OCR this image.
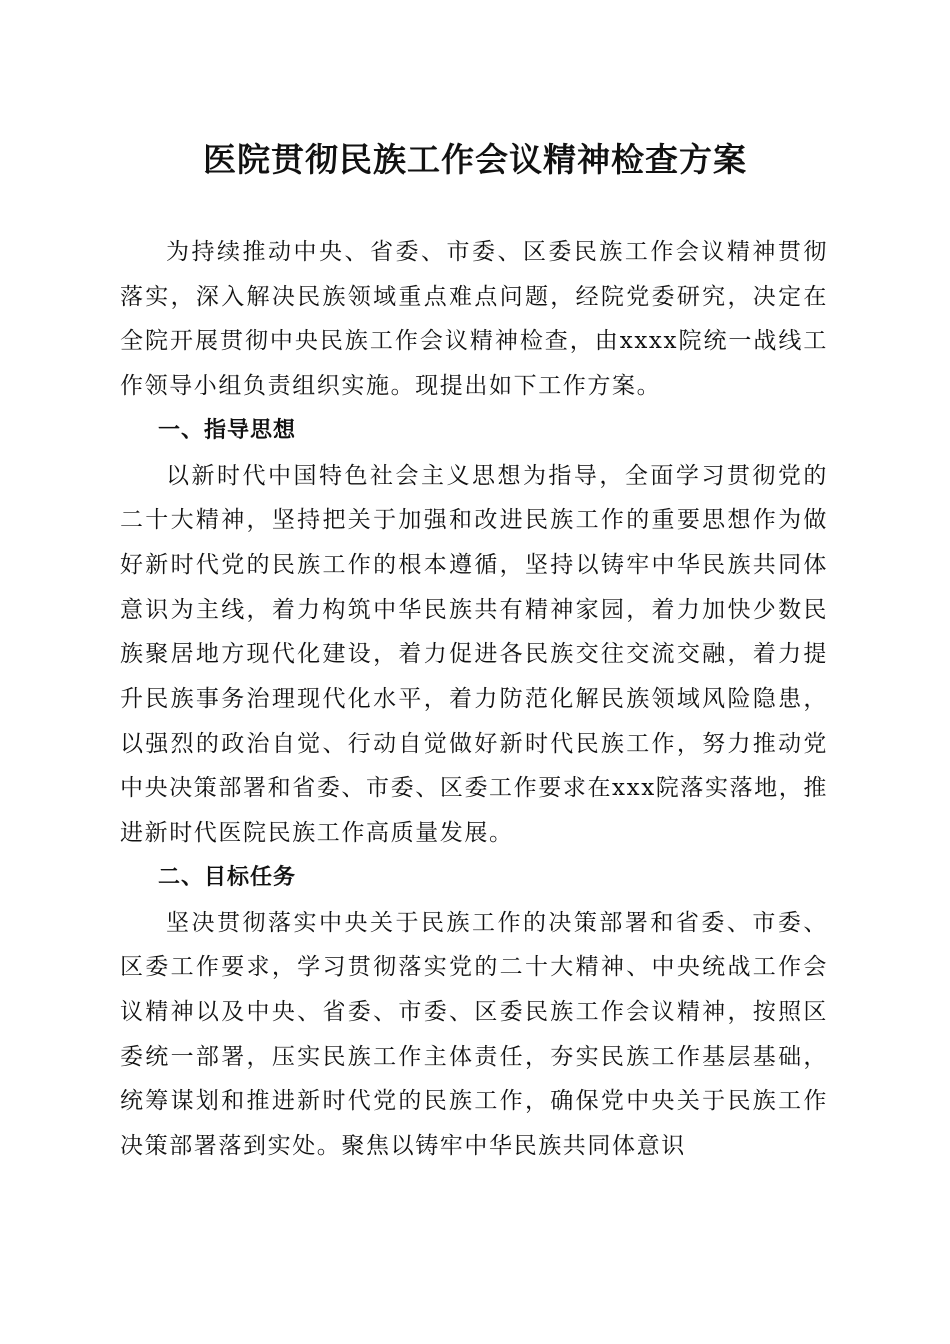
医院贯彻民族工作会议精神检查方案

为持续推动中央、省委、市委、区委民族工作会议精神贯彻落实，深入解决民族领域重点难点问题，经院党委研究，决定在全院开展贯彻中央民族工作会议精神检查，由xxxx院统一战线工作领导小组负责组织实施。现提出如下工作方案。

一、指导思想

以新时代中国特色社会主义思想为指导，全面学习贯彻党的二十大精神，坚持把关于加强和改进民族工作的重要思想作为做好新时代党的民族工作的根本遵循，坚持以铸牢中华民族共同体意识为主线，着力构筑中华民族共有精神家园，着力加快少数民族聚居地方现代化建设，着力促进各民族交往交流交融，着力提升民族事务治理现代化水平，着力防范化解民族领域风险隐患，以强烈的政治自觉、行动自觉做好新时代民族工作，努力推动党中央决策部署和省委、市委、区委工作要求在xxx院落实落地，推进新时代医院民族工作高质量发展。

二、目标任务

坚决贯彻落实中央关于民族工作的决策部署和省委、市委、区委工作要求，学习贯彻落实党的二十大精神、中央统战工作会议精神以及中央、省委、市委、区委民族工作会议精神，按照区委统一部署，压实民族工作主体责任，夯实民族工作基层基础，统筹谋划和推进新时代党的民族工作，确保党中央关于民族工作决策部署落到实处。聚焦以铸牢中华民族共同体意识
